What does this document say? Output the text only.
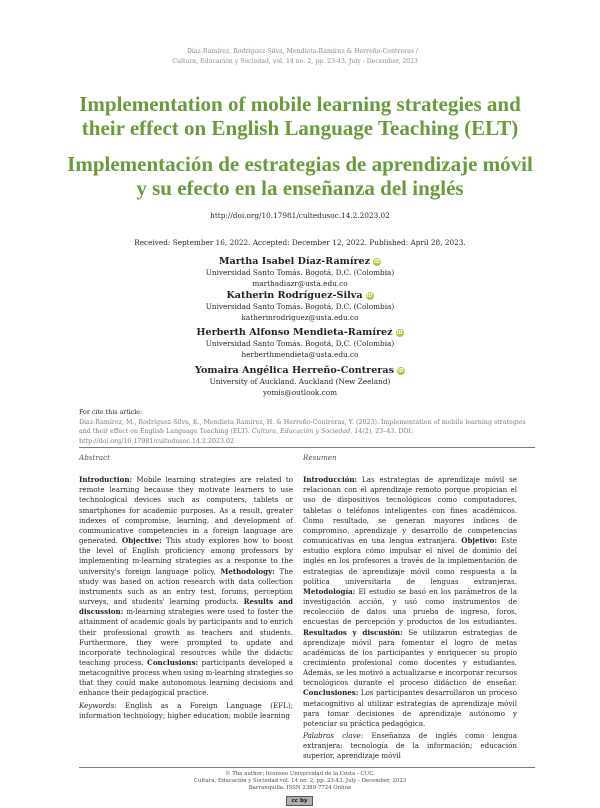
Díaz-Ramírez, Rodríguez-Silva, Mendieta-Ramírez & Herreño-Contreras /
Cultura, Educación y Sociedad, vol. 14 no. 2, pp. 23-43. July - December, 2023
Implementation of mobile learning strategies and their effect on English Language Teaching (ELT)
Implementación de estrategias de aprendizaje móvil y su efecto en la enseñanza del inglés
http://doi.org/10.17981/cultedusoc.14.2.2023.02
Received: September 16, 2022. Accepted: December 12, 2022. Published: April 28, 2023.
Martha Isabel Díaz-Ramírez iD
Universidad Santo Tomás. Bogotá, D.C. (Colombia)
marthadiazr@usta.edu.co
Katherin Rodríguez-Silva iD
Universidad Santo Tomás. Bogotá, D.C. (Colombia)
katherinrodriguez@usta.edu.co
Herberth Alfonso Mendieta-Ramírez iD
Universidad Santo Tomás. Bogotá, D.C. (Colombia)
herberthmendieta@usta.edu.co
Yomaira Angélica Herreño-Contreras iD
University of Auckland. Auckland (New Zeeland)
yomis@outlook.com
For cite this article:
Díaz-Ramírez, M., Rodríguez-Silva, K., Mendieta-Ramírez, H. & Herreño-Contreras, Y. (2023). Implementation of mobile learning strategies and their effect on English Language Teaching (ELT). Cultura, Educación y Sociedad, 14(2), 23–43. DOI: http://doi.org/10.17981/cultedusoc.14.2.2023.02
Abstract

Introduction: Mobile learning strategies are related to remote learning because they motivate learners to use technological devices such as computers, tablets or smartphones for academic purposes. As a result, greater indexes of compromise, learning, and development of communicative competencies in a foreign language are generated. Objective: This study explores how to boost the level of English proficiency among professors by implementing m-learning strategies as a response to the university's foreign language policy. Methodology: The study was based on action research with data collection instruments such as an entry test, forums, perception surveys, and students' learning products. Results and discussion: m-learning strategies were used to foster the attainment of academic goals by participants and to enrich their professional growth as teachers and students. Furthermore, they were prompted to update and incorporate technological resources while the didactic teaching process. Conclusions: participants developed a metacognitive process when using m-learning strategies so that they could make autonomous learning decisions and enhance their pedagogical practice.

Keywords: English as a Foreign Language (EFL); information technology; higher education; mobile learning

Resumen

Introducción: Las estrategias de aprendizaje móvil se relacionan con el aprendizaje remoto porque propician el uso de dispositivos tecnológicos como computadores, tabletas o teléfonos inteligentes con fines académicos. Como resultado, se generan mayores índices de compromiso, aprendizaje y desarrollo de competencias comunicativas en una lengua extranjera. Objetivo: Este estudio explora cómo impulsar el nivel de dominio del inglés en los profesores a través de la implementación de estrategias de aprendizaje móvil como respuesta a la política universitaria de lenguas extranjeras. Metodología: El estudio se basó en los parámetros de la investigación acción, y usó como instrumentos de recolección de datos una prueba de ingreso, foros, encuestas de percepción y productos de los estudiantes. Resultados y discusión: Se utilizaron estrategias de aprendizaje móvil para fomentar el logro de metas académicas de los participantes y enriquecer su propio crecimiento profesional como docentes y estudiantes. Además, se les motivó a actualizarse e incorporar recursos tecnológicos durante el proceso didáctico de enseñar. Conclusiones: Los participantes desarrollaron un proceso metacognitivo al utilizar estrategias de aprendizaje móvil para tomar decisiones de aprendizaje autónomo y potenciar su práctica pedagógica.

Palabras clave: Enseñanza de inglés como lengua extranjera; tecnología de la información; educación superior, aprendizaje móvil

© The author; licensee Universidad de la Costa - CUC.
Cultura, Educación y Sociedad vol. 14 no. 2, pp. 23-43. July - December, 2023
Barranquilla. ISSN 2389-7724 Online
cc by
